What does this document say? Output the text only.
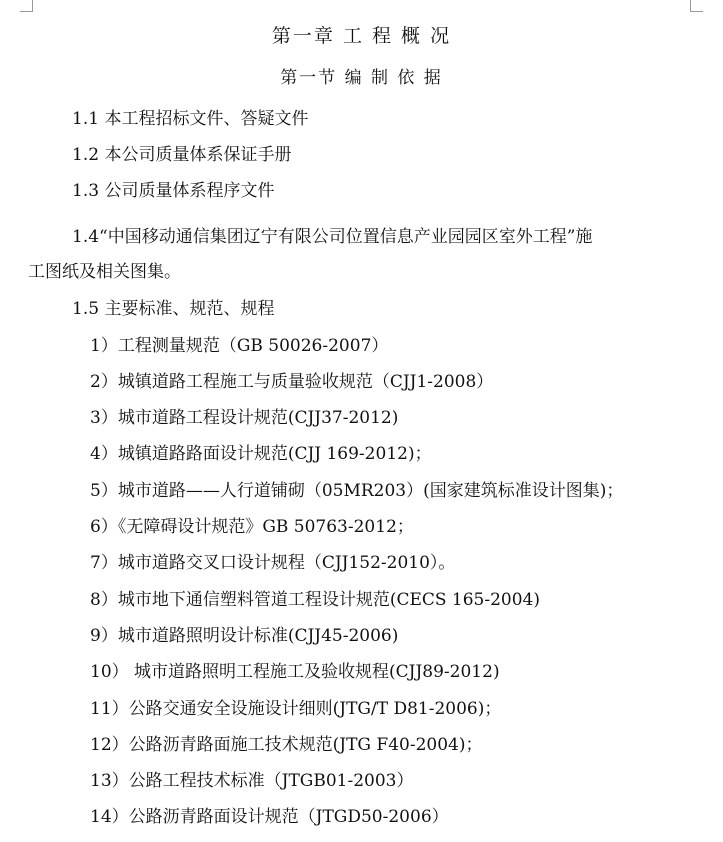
第一章 工 程 概 况
第一节 编 制 依 据
1.1 本工程招标文件、答疑文件
1.2 本公司质量体系保证手册
1.3 公司质量体系程序文件
1.4“中国移动通信集团辽宁有限公司位置信息产业园园区室外工程”施
工图纸及相关图集。
1.5 主要标准、规范、规程
1）工程测量规范（GB 50026-2007）
2）城镇道路工程施工与质量验收规范（CJJ1-2008）
3）城市道路工程设计规范(CJJ37-2012)
4）城镇道路路面设计规范(CJJ 169-2012)；
5）城市道路——人行道铺砌（05MR203）(国家建筑标准设计图集)；
6）《无障碍设计规范》GB 50763-2012；
7）城市道路交叉口设计规程（CJJ152-2010）。
8）城市地下通信塑料管道工程设计规范(CECS 165-2004)
9）城市道路照明设计标准(CJJ45-2006)
10） 城市道路照明工程施工及验收规程(CJJ89-2012)
11）公路交通安全设施设计细则(JTG/T D81-2006)；
12）公路沥青路面施工技术规范(JTG F40-2004)；
13）公路工程技术标准（JTGB01-2003）
14）公路沥青路面设计规范（JTGD50-2006）
